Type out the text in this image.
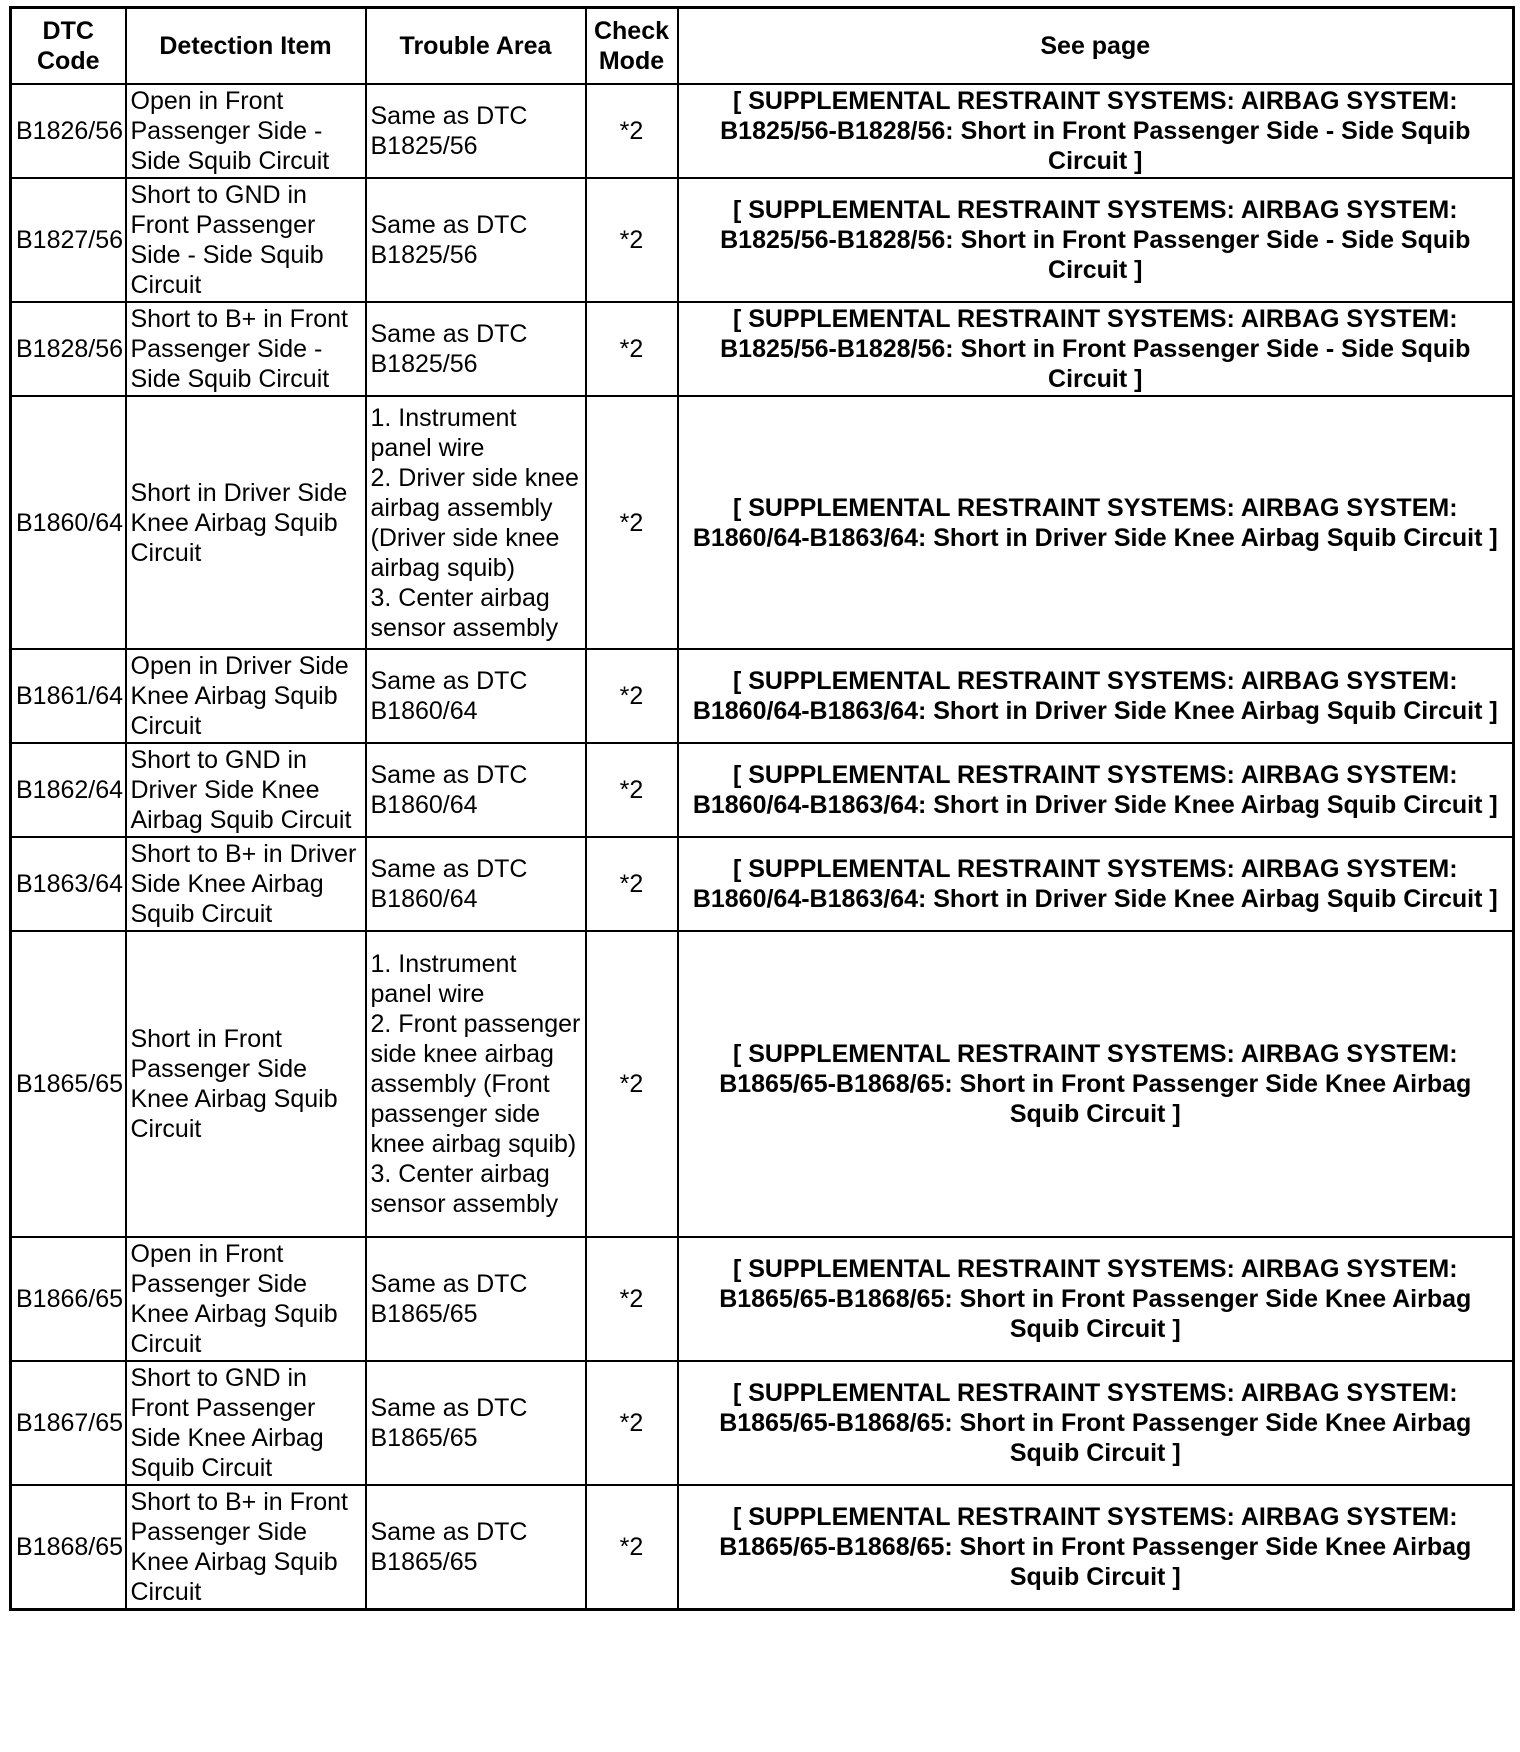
DTC Code	Detection Item	Trouble Area	Check Mode	See page
B1826/56	Open in Front Passenger Side - Side Squib Circuit	Same as DTC B1825/56	*2	[ SUPPLEMENTAL RESTRAINT SYSTEMS: AIRBAG SYSTEM: B1825/56-B1828/56: Short in Front Passenger Side - Side Squib Circuit ]
B1827/56	Short to GND in Front Passenger Side - Side Squib Circuit	Same as DTC B1825/56	*2	[ SUPPLEMENTAL RESTRAINT SYSTEMS: AIRBAG SYSTEM: B1825/56-B1828/56: Short in Front Passenger Side - Side Squib Circuit ]
B1828/56	Short to B+ in Front Passenger Side - Side Squib Circuit	Same as DTC B1825/56	*2	[ SUPPLEMENTAL RESTRAINT SYSTEMS: AIRBAG SYSTEM: B1825/56-B1828/56: Short in Front Passenger Side - Side Squib Circuit ]
B1860/64	Short in Driver Side Knee Airbag Squib Circuit	1. Instrument panel wire
2. Driver side knee airbag assembly (Driver side knee airbag squib)
3. Center airbag sensor assembly	*2	[ SUPPLEMENTAL RESTRAINT SYSTEMS: AIRBAG SYSTEM: B1860/64-B1863/64: Short in Driver Side Knee Airbag Squib Circuit ]
B1861/64	Open in Driver Side Knee Airbag Squib Circuit	Same as DTC B1860/64	*2	[ SUPPLEMENTAL RESTRAINT SYSTEMS: AIRBAG SYSTEM: B1860/64-B1863/64: Short in Driver Side Knee Airbag Squib Circuit ]
B1862/64	Short to GND in Driver Side Knee Airbag Squib Circuit	Same as DTC B1860/64	*2	[ SUPPLEMENTAL RESTRAINT SYSTEMS: AIRBAG SYSTEM: B1860/64-B1863/64: Short in Driver Side Knee Airbag Squib Circuit ]
B1863/64	Short to B+ in Driver Side Knee Airbag Squib Circuit	Same as DTC B1860/64	*2	[ SUPPLEMENTAL RESTRAINT SYSTEMS: AIRBAG SYSTEM: B1860/64-B1863/64: Short in Driver Side Knee Airbag Squib Circuit ]
B1865/65	Short in Front Passenger Side Knee Airbag Squib Circuit	1. Instrument panel wire
2. Front passenger side knee airbag assembly (Front passenger side knee airbag squib)
3. Center airbag sensor assembly	*2	[ SUPPLEMENTAL RESTRAINT SYSTEMS: AIRBAG SYSTEM: B1865/65-B1868/65: Short in Front Passenger Side Knee Airbag Squib Circuit ]
B1866/65	Open in Front Passenger Side Knee Airbag Squib Circuit	Same as DTC B1865/65	*2	[ SUPPLEMENTAL RESTRAINT SYSTEMS: AIRBAG SYSTEM: B1865/65-B1868/65: Short in Front Passenger Side Knee Airbag Squib Circuit ]
B1867/65	Short to GND in Front Passenger Side Knee Airbag Squib Circuit	Same as DTC B1865/65	*2	[ SUPPLEMENTAL RESTRAINT SYSTEMS: AIRBAG SYSTEM: B1865/65-B1868/65: Short in Front Passenger Side Knee Airbag Squib Circuit ]
B1868/65	Short to B+ in Front Passenger Side Knee Airbag Squib Circuit	Same as DTC B1865/65	*2	[ SUPPLEMENTAL RESTRAINT SYSTEMS: AIRBAG SYSTEM: B1865/65-B1868/65: Short in Front Passenger Side Knee Airbag Squib Circuit ]
